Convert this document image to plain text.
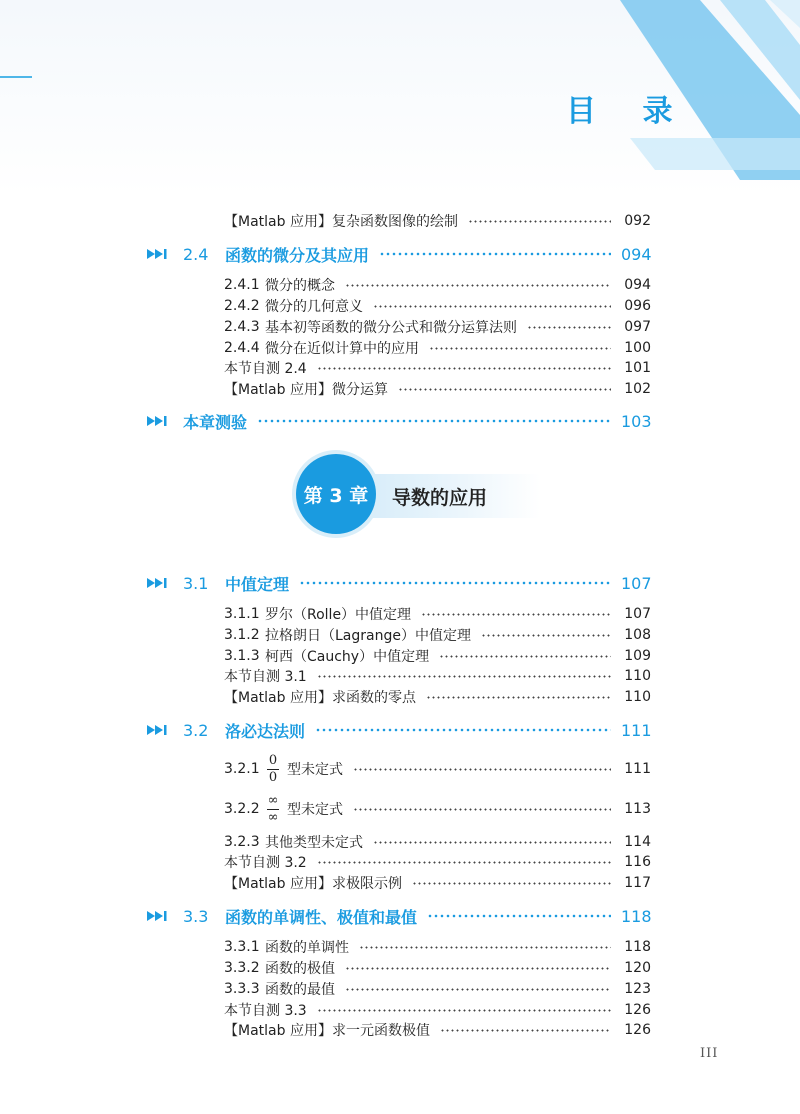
目 录
【Matlab 应用】复杂函数图像的绘制	092
2.4	函数的微分及其应用	094
2.4.1 微分的概念	094
2.4.2 微分的几何意义	096
2.4.3 基本初等函数的微分公式和微分运算法则	097
2.4.4 微分在近似计算中的应用	100
本节自测 2.4	101
【Matlab 应用】微分运算	102
本章测验	103
3.1	中值定理	107
3.1.1 罗尔（Rolle）中值定理	107
3.1.2 拉格朗日（Lagrange）中值定理	108
3.1.3 柯西（Cauchy）中值定理	109
本节自测 3.1	110
【Matlab 应用】求函数的零点	110
3.2	洛必达法则	111
$3.2.1 \frac{0}{0}$ 型未定式	111
$3.2.2 \frac{\infty}{\infty}$ 型未定式	113
3.2.3 其他类型未定式	114
本节自测 3.2	116
【Matlab 应用】求极限示例	117
3.3	函数的单调性、极值和最值	118
3.3.1 函数的单调性	118
3.3.2 函数的极值	120
3.3.3 函数的最值	123
本节自测 3.3	126
【Matlab 应用】求一元函数极值	126
第 3 章	导数的应用
III
